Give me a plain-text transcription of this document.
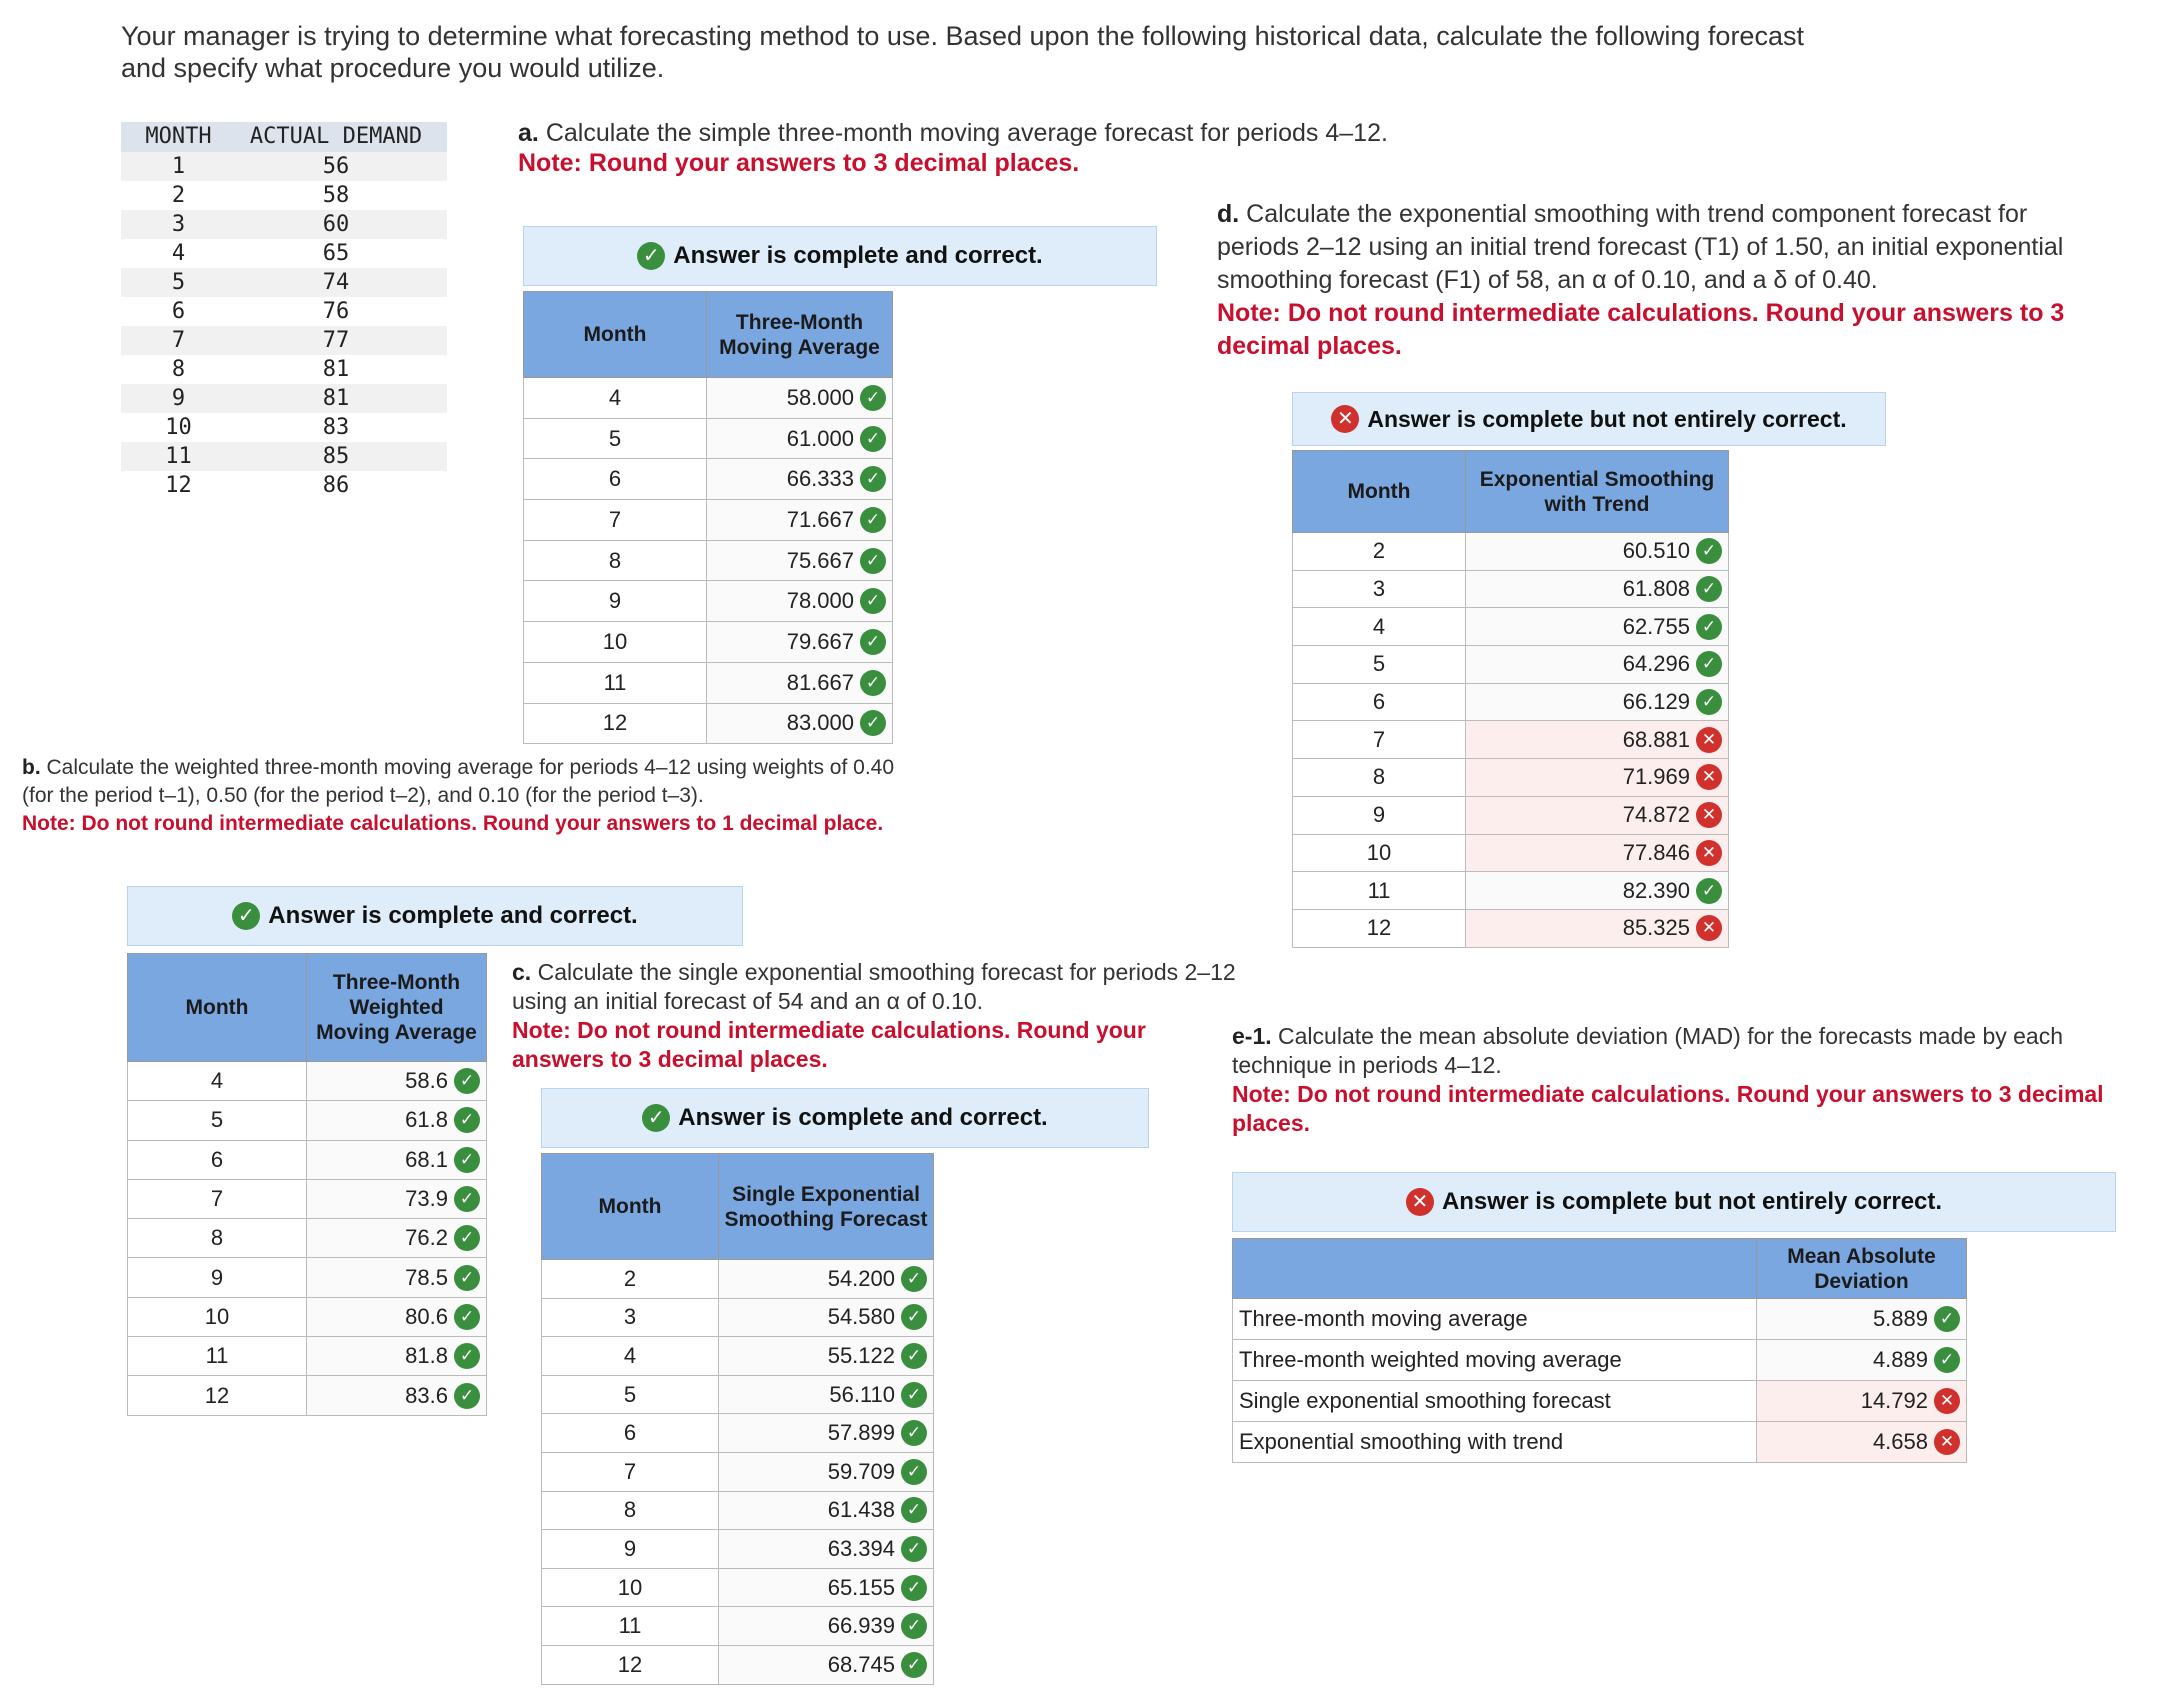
Your manager is trying to determine what forecasting method to use. Based upon the following historical data, calculate the following forecast and specify what procedure you would utilize.
MONTH	ACTUAL DEMAND
1	56
2	58
3	60
4	65
5	74
6	76
7	77
8	81
9	81
10	83
11	85
12	86
a. Calculate the simple three-month moving average forecast for periods 4–12.
Note: Round your answers to 3 decimal places.
✓ Answer is complete and correct.
Month	Three-Month Moving Average
4	58.000 ✓

5	61.000 ✓

6	66.333 ✓

7	71.667 ✓

8	75.667 ✓

9	78.000 ✓

10	79.667 ✓

11	81.667 ✓

12	83.000 ✓
b. Calculate the weighted three-month moving average for periods 4–12 using weights of 0.40 (for the period t–1), 0.50 (for the period t–2), and 0.10 (for the period t–3).
Note: Do not round intermediate calculations. Round your answers to 1 decimal place.
✓ Answer is complete and correct.
Month	Three-Month Weighted Moving Average
4	58.6 ✓

5	61.8 ✓

6	68.1 ✓

7	73.9 ✓

8	76.2 ✓

9	78.5 ✓

10	80.6 ✓

11	81.8 ✓

12	83.6 ✓
c. Calculate the single exponential smoothing forecast for periods 2–12 using an initial forecast of 54 and an α of 0.10.
Note: Do not round intermediate calculations. Round your answers to 3 decimal places.
✓ Answer is complete and correct.
Month	Single Exponential Smoothing Forecast
2	54.200 ✓

3	54.580 ✓

4	55.122 ✓

5	56.110 ✓

6	57.899 ✓

7	59.709 ✓

8	61.438 ✓

9	63.394 ✓

10	65.155 ✓

11	66.939 ✓

12	68.745 ✓
d. Calculate the exponential smoothing with trend component forecast for periods 2–12 using an initial trend forecast (T1) of 1.50, an initial exponential smoothing forecast (F1) of 58, an α of 0.10, and a δ of 0.40.
Note: Do not round intermediate calculations. Round your answers to 3 decimal places.
✕ Answer is complete but not entirely correct.
Month	Exponential Smoothing with Trend
2	60.510 ✓

3	61.808 ✓

4	62.755 ✓

5	64.296 ✓

6	66.129 ✓

7	68.881 ✕

8	71.969 ✕

9	74.872 ✕

10	77.846 ✕

11	82.390 ✓

12	85.325 ✕
e-1. Calculate the mean absolute deviation (MAD) for the forecasts made by each technique in periods 4–12.
Note: Do not round intermediate calculations. Round your answers to 3 decimal places.
✕ Answer is complete but not entirely correct.
	Mean Absolute Deviation
Three-month moving average	5.889 ✓

Three-month weighted moving average	4.889 ✓

Single exponential smoothing forecast	14.792 ✕

Exponential smoothing with trend	4.658 ✕
